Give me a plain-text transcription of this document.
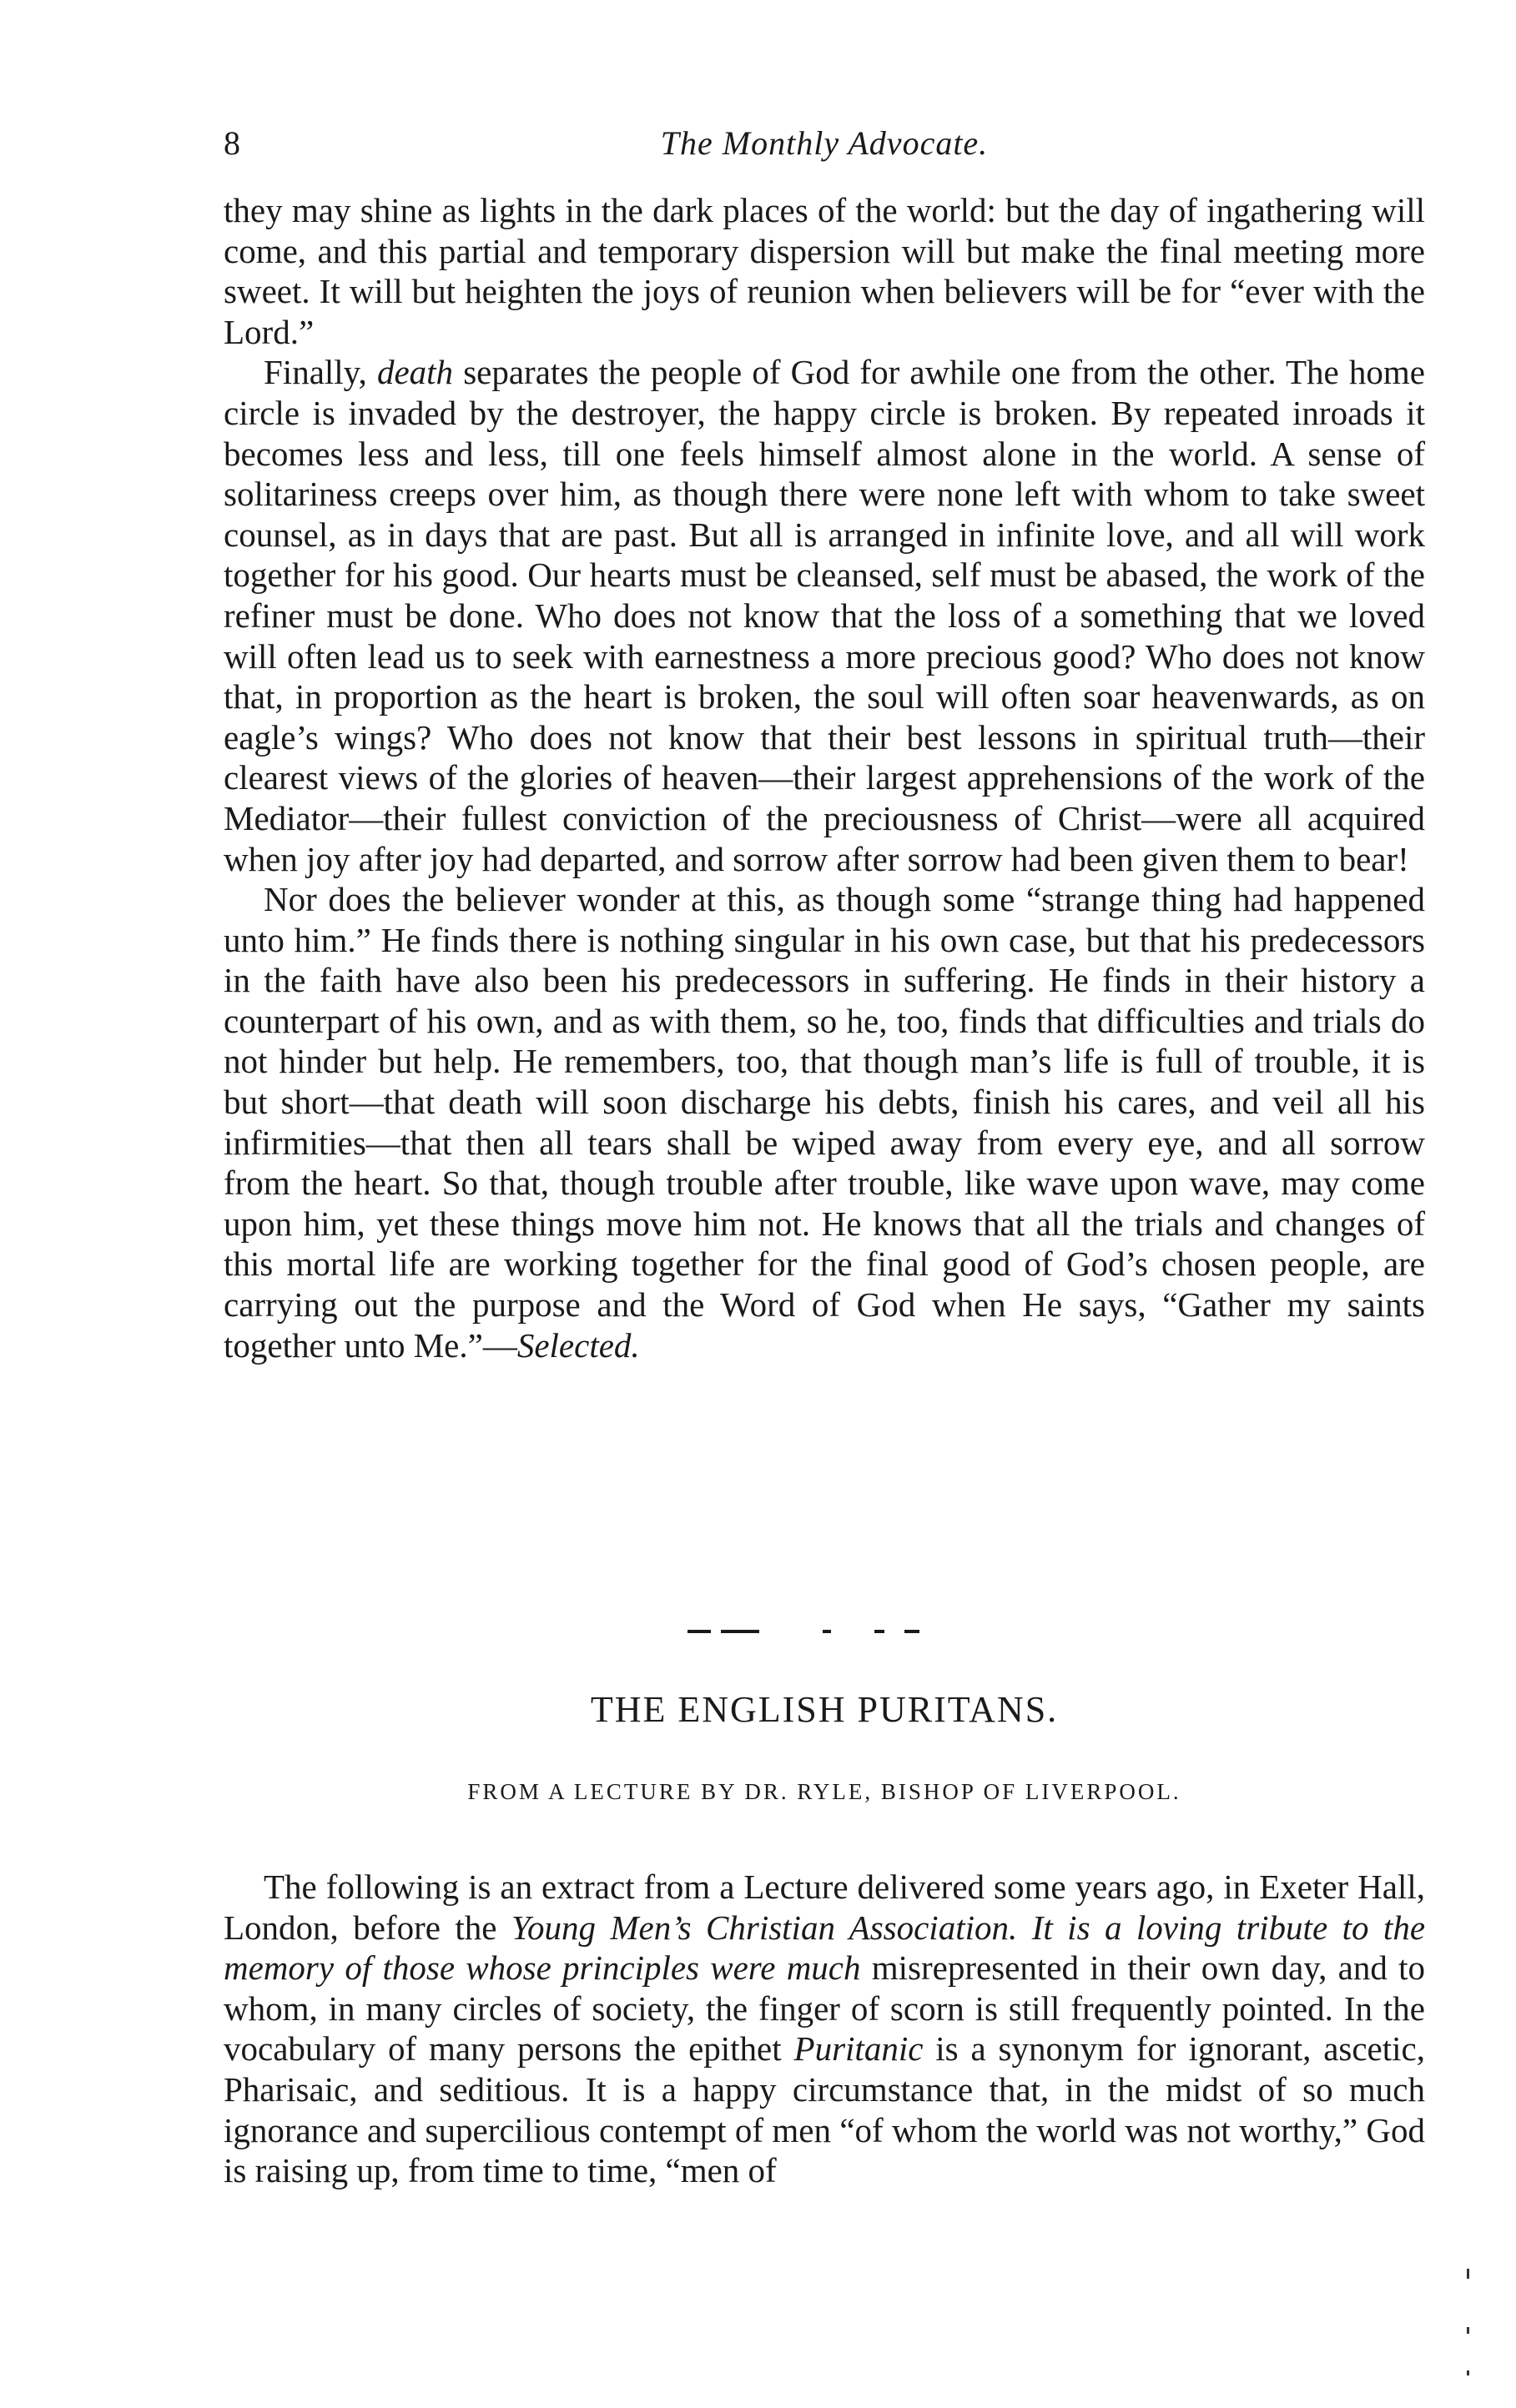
8	The Monthly Advocate.

they may shine as lights in the dark places of the world: but the day of ingathering will come, and this partial and temporary dispersion will but make the final meeting more sweet. It will but heighten the joys of reunion when believers will be for “ever with the Lord.”

Finally, death separates the people of God for awhile one from the other. The home circle is invaded by the destroyer, the happy circle is broken. By repeated inroads it becomes less and less, till one feels himself almost alone in the world. A sense of solitariness creeps over him, as though there were none left with whom to take sweet counsel, as in days that are past. But all is arranged in infinite love, and all will work together for his good. Our hearts must be cleansed, self must be abased, the work of the refiner must be done. Who does not know that the loss of a something that we loved will often lead us to seek with earnestness a more precious good? Who does not know that, in proportion as the heart is broken, the soul will often soar heavenwards, as on eagle’s wings? Who does not know that their best lessons in spiritual truth—their clearest views of the glories of heaven—their largest apprehensions of the work of the Mediator—their fullest conviction of the preciousness of Christ—were all acquired when joy after joy had departed, and sorrow after sorrow had been given them to bear!

Nor does the believer wonder at this, as though some “strange thing had happened unto him.” He finds there is nothing singular in his own case, but that his predecessors in the faith have also been his predecessors in suffering. He finds in their history a counterpart of his own, and as with them, so he, too, finds that difficulties and trials do not hinder but help. He remembers, too, that though man’s life is full of trouble, it is but short—that death will soon discharge his debts, finish his cares, and veil all his infirmities—that then all tears shall be wiped away from every eye, and all sorrow from the heart. So that, though trouble after trouble, like wave upon wave, may come upon him, yet these things move him not. He knows that all the trials and changes of this mortal life are working together for the final good of God’s chosen people, are carrying out the purpose and the Word of God when He says, “Gather my saints together unto Me.”—Selected.

THE ENGLISH PURITANS.
FROM A LECTURE BY DR. RYLE, BISHOP OF LIVERPOOL.

The following is an extract from a Lecture delivered some years ago, in Exeter Hall, London, before the Young Men’s Christian Association. It is a loving tribute to the memory of those whose principles were much misrepresented in their own day, and to whom, in many circles of society, the finger of scorn is still frequently pointed. In the vocabulary of many persons the epithet Puritanic is a synonym for ignorant, ascetic, Pharisaic, and seditious. It is a happy circumstance that, in the midst of so much ignorance and supercilious contempt of men “of whom the world was not worthy,” God is raising up, from time to time, “men of
